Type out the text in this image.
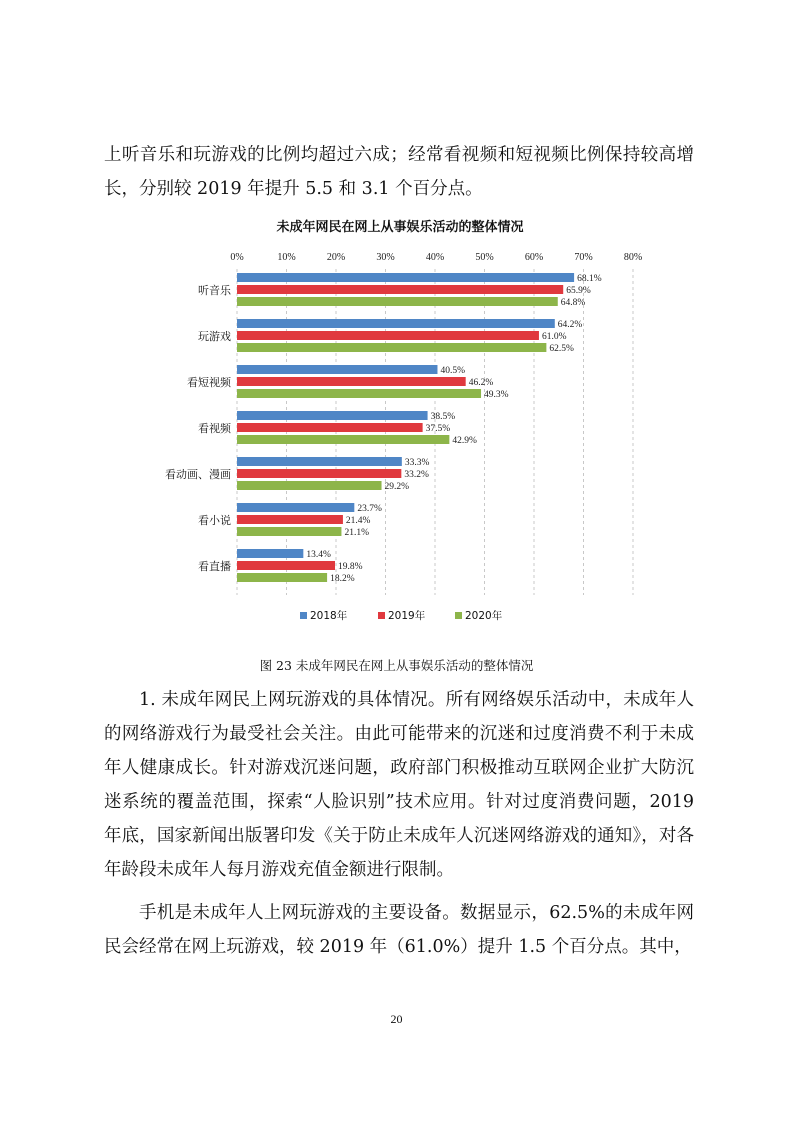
上听音乐和玩游戏的比例均超过六成；经常看视频和短视频比例保持较高增长，分别较 2019 年提升 5.5 和 3.1 个百分点。

未成年网民在网上从事娱乐活动的整体情况
0%	10%	20%	30%	40%	50%	60%	70%	80%
听音乐
68.1%
65.9%
64.8%
玩游戏
64.2%
61.0%
62.5%
看短视频
40.5%
46.2%
49.3%
看视频
38.5%
37.5%
42.9%
看动画、漫画
33.3%
33.2%
29.2%
看小说
23.7%
21.4%
21.1%
看直播
13.4%
19.8%
18.2%
2018年	2019年	2020年

图 23 未成年网民在网上从事娱乐活动的整体情况

1. 未成年网民上网玩游戏的具体情况。所有网络娱乐活动中，未成年人的网络游戏行为最受社会关注。由此可能带来的沉迷和过度消费不利于未成年人健康成长。针对游戏沉迷问题，政府部门积极推动互联网企业扩大防沉迷系统的覆盖范围，探索“人脸识别”技术应用。针对过度消费问题，2019 年底，国家新闻出版署印发《关于防止未成年人沉迷网络游戏的通知》，对各年龄段未成年人每月游戏充值金额进行限制。

手机是未成年人上网玩游戏的主要设备。数据显示，62.5%的未成年网民会经常在网上玩游戏，较 2019 年（61.0%）提升 1.5 个百分点。其中，

20
